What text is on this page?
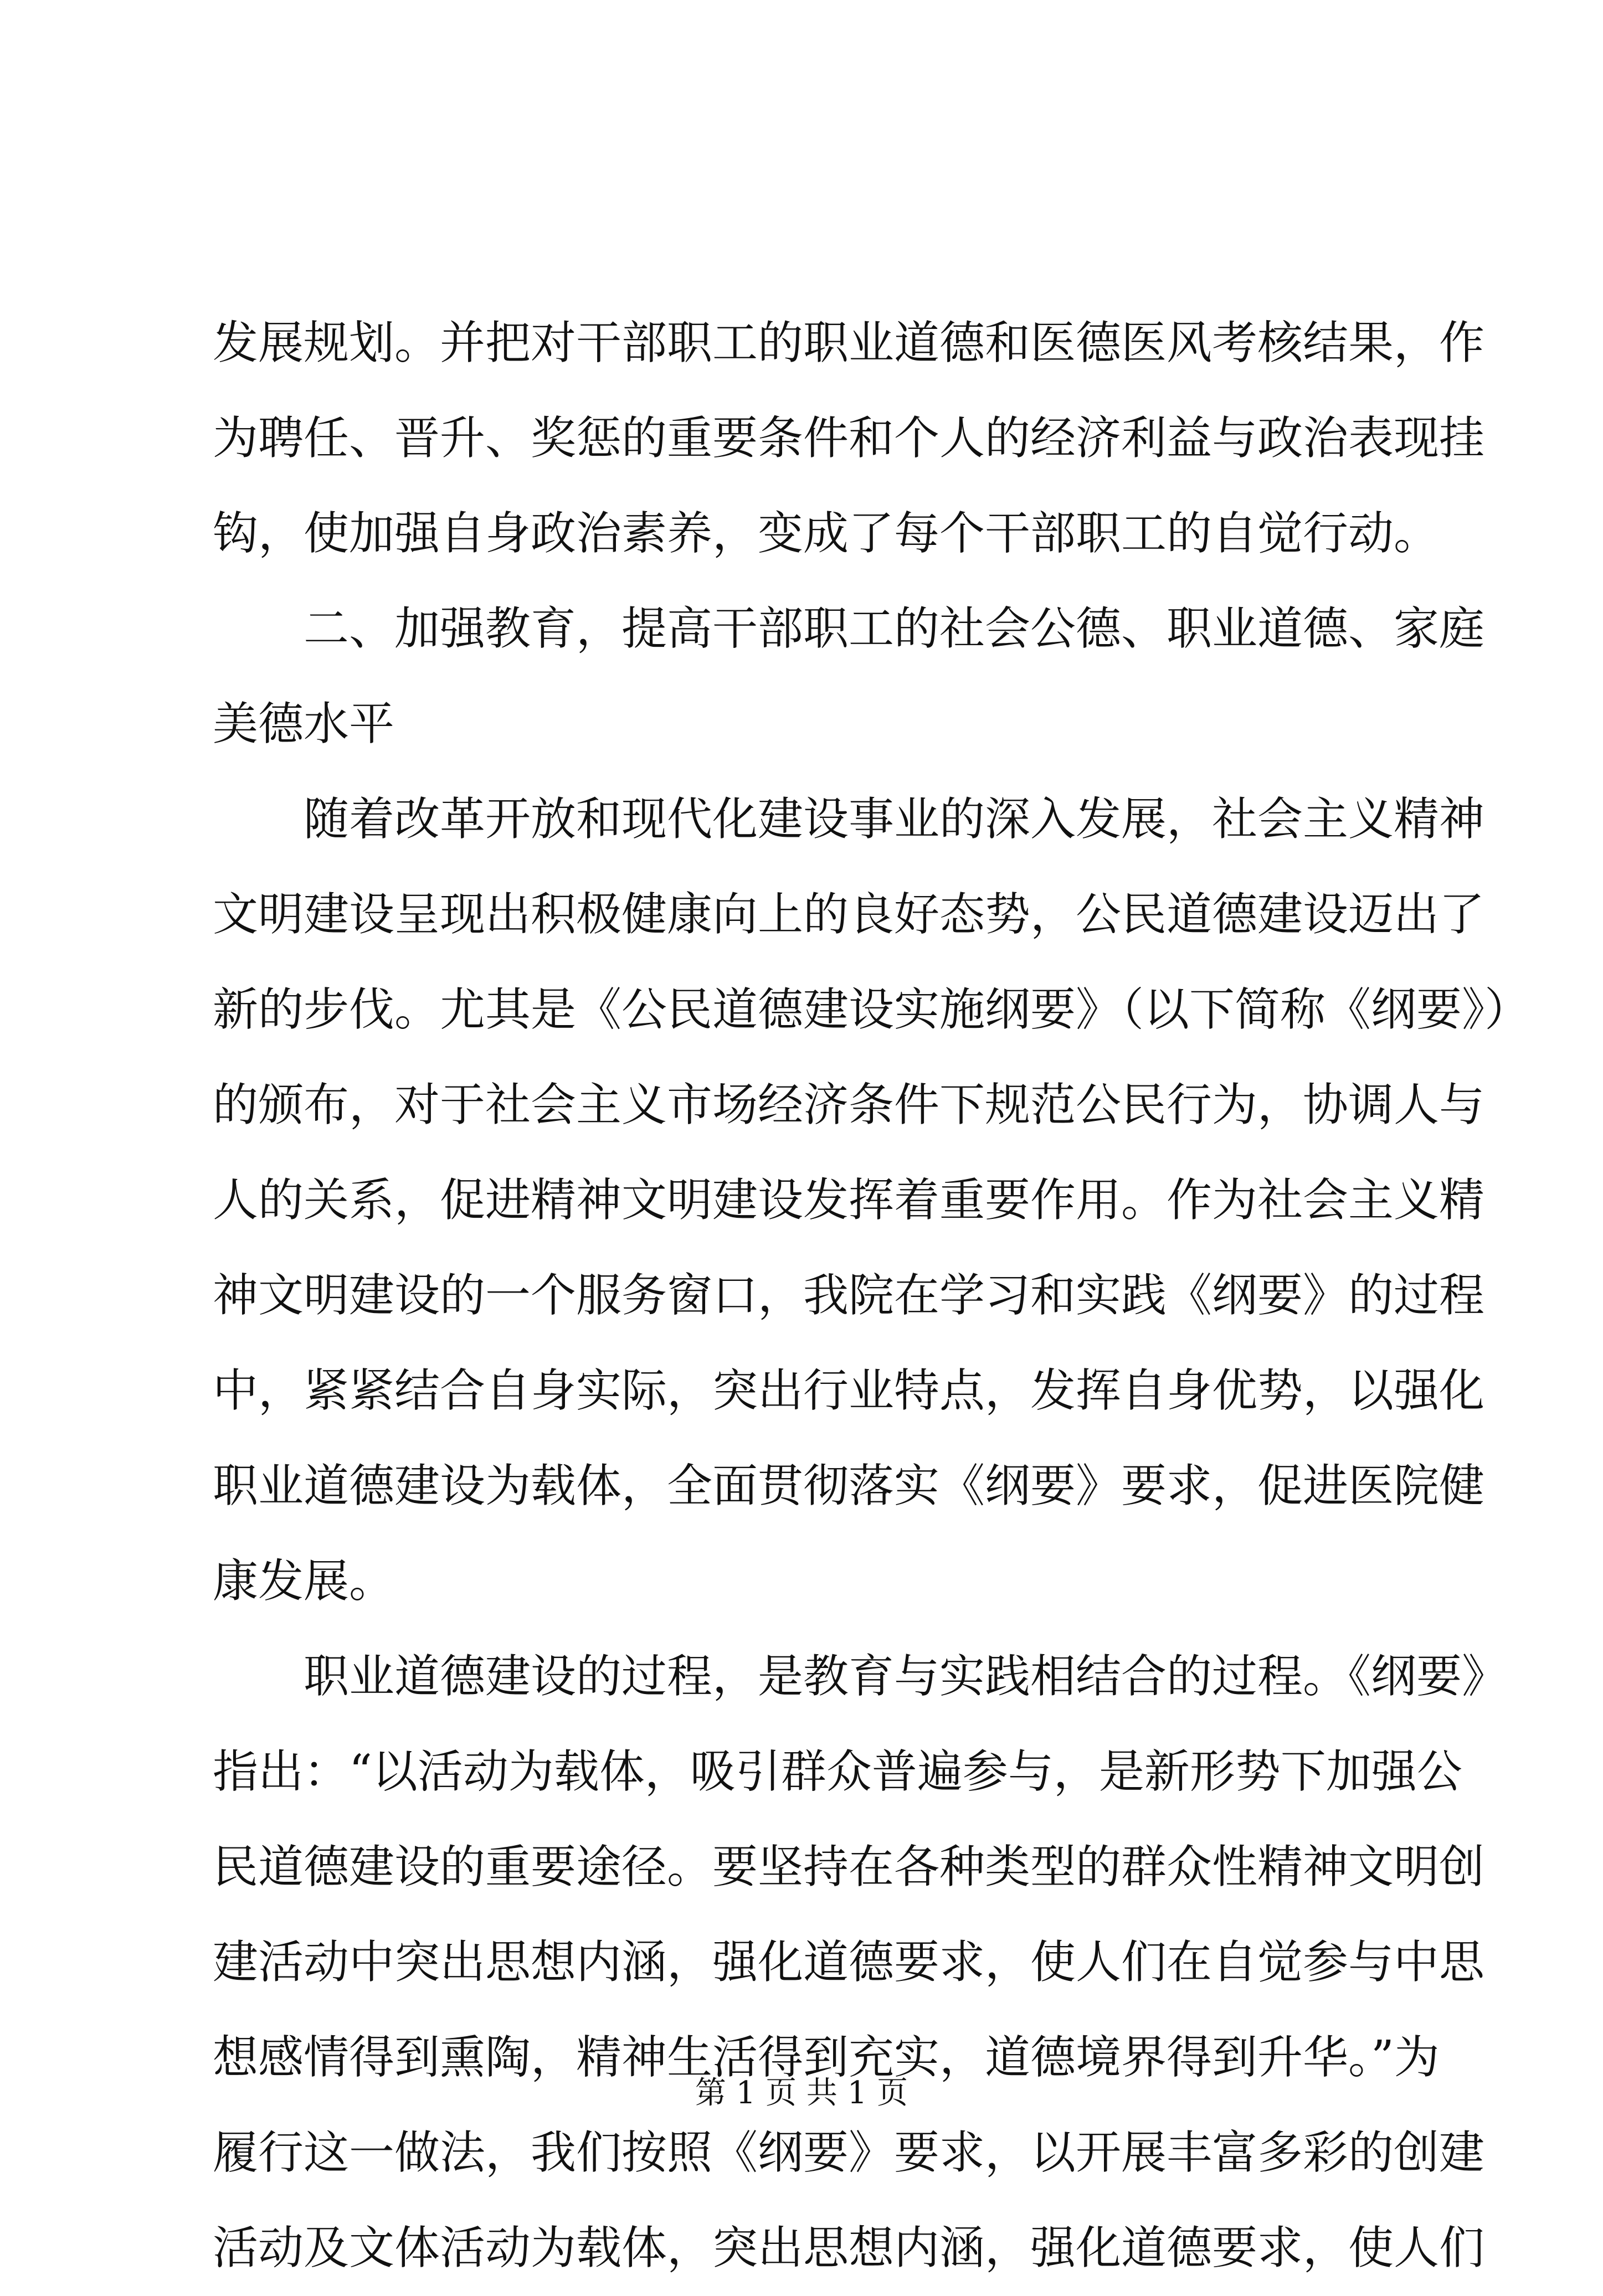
发展规划。并把对干部职工的职业道德和医德医风考核结果，作
为聘任、晋升、奖惩的重要条件和个人的经济利益与政治表现挂
钩，使加强自身政治素养，变成了每个干部职工的自觉行动。
　　二、加强教育，提高干部职工的社会公德、职业道德、家庭
美德水平
　　随着改革开放和现代化建设事业的深入发展，社会主义精神
文明建设呈现出积极健康向上的良好态势，公民道德建设迈出了
新的步伐。尤其是《公民道德建设实施纲要》（以下简称《纲要》）
的颁布，对于社会主义市场经济条件下规范公民行为，协调人与
人的关系，促进精神文明建设发挥着重要作用。作为社会主义精
神文明建设的一个服务窗口，我院在学习和实践《纲要》的过程
中，紧紧结合自身实际，突出行业特点，发挥自身优势，以强化
职业道德建设为载体，全面贯彻落实《纲要》要求，促进医院健
康发展。
　　职业道德建设的过程，是教育与实践相结合的过程。《纲要》
指出：“以活动为载体，吸引群众普遍参与，是新形势下加强公
民道德建设的重要途径。要坚持在各种类型的群众性精神文明创
建活动中突出思想内涵，强化道德要求，使人们在自觉参与中思
想感情得到熏陶，精神生活得到充实，道德境界得到升华。”为
履行这一做法，我们按照《纲要》要求，以开展丰富多彩的创建
活动及文体活动为载体，突出思想内涵，强化道德要求，使人们
第 1 页 共 1 页
